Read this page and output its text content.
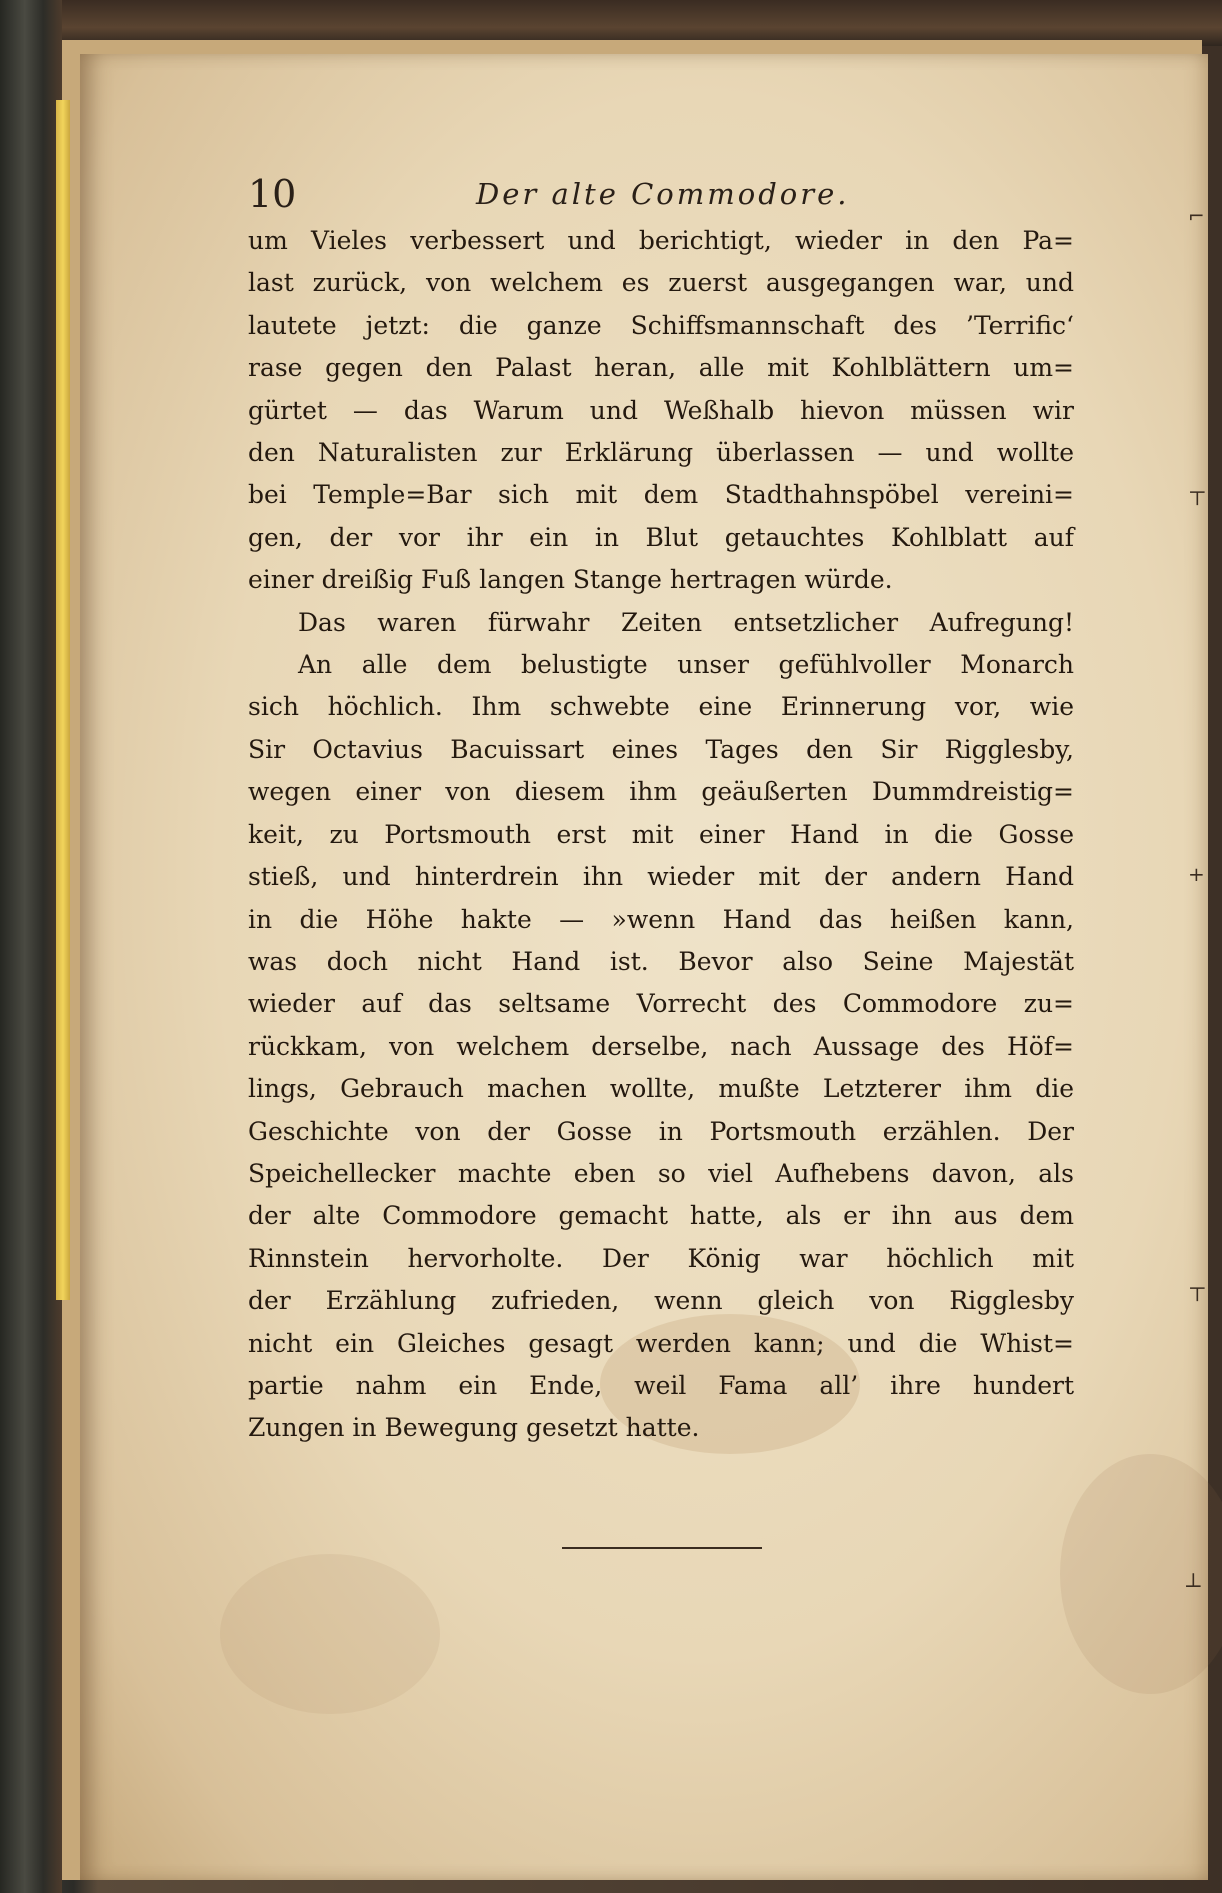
10	Der alte Commodore.
um Vieles verbessert und berichtigt, wieder in den Pa=
last zurück, von welchem es zuerst ausgegangen war, und
lautete jetzt: die ganze Schiffsmannschaft des ’Terrific‘
rase gegen den Palast heran, alle mit Kohlblättern um=
gürtet — das Warum und Weßhalb hievon müssen wir
den Naturalisten zur Erklärung überlassen — und wollte
bei Temple=Bar sich mit dem Stadthahnspöbel vereini=
gen, der vor ihr ein in Blut getauchtes Kohlblatt auf
einer dreißig Fuß langen Stange hertragen würde.
Das waren fürwahr Zeiten entsetzlicher Aufregung!
An alle dem belustigte unser gefühlvoller Monarch
sich höchlich. Ihm schwebte eine Erinnerung vor, wie
Sir Octavius Bacuissart eines Tages den Sir Rigglesby,
wegen einer von diesem ihm geäußerten Dummdreistig=
keit, zu Portsmouth erst mit einer Hand in die Gosse
stieß, und hinterdrein ihn wieder mit der andern Hand
in die Höhe hakte — »wenn Hand das heißen kann,
was doch nicht Hand ist. Bevor also Seine Majestät
wieder auf das seltsame Vorrecht des Commodore zu=
rückkam, von welchem derselbe, nach Aussage des Höf=
lings, Gebrauch machen wollte, mußte Letzterer ihm die
Geschichte von der Gosse in Portsmouth erzählen. Der
Speichellecker machte eben so viel Aufhebens davon, als
der alte Commodore gemacht hatte, als er ihn aus dem
Rinnstein hervorholte. Der König war höchlich mit
der Erzählung zufrieden, wenn gleich von Rigglesby
nicht ein Gleiches gesagt werden kann; und die Whist=
partie nahm ein Ende, weil Fama all’ ihre hundert
Zungen in Bewegung gesetzt hatte.
⌐
⊤
+
⊤
⊥
